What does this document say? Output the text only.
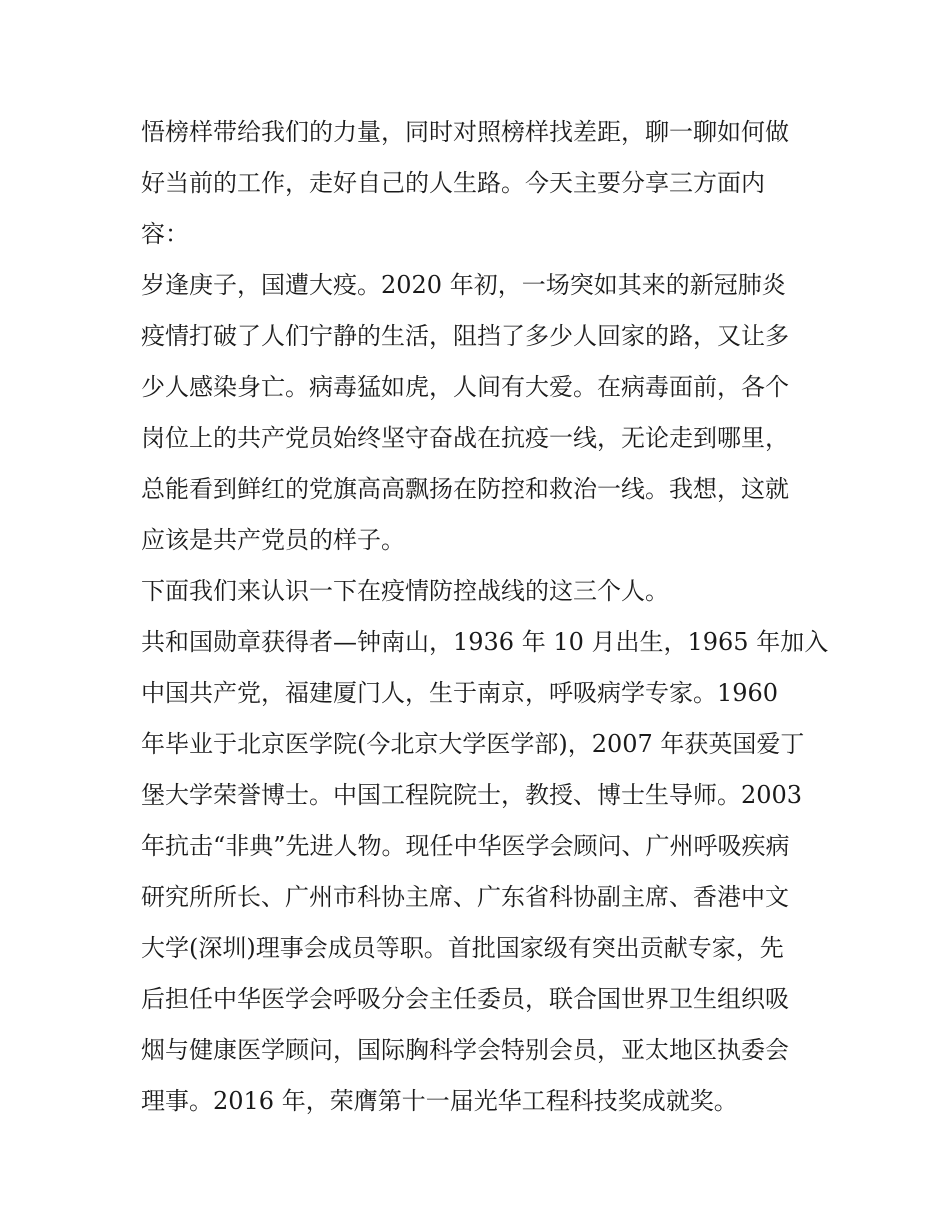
悟榜样带给我们的力量，同时对照榜样找差距，聊一聊如何做
好当前的工作，走好自己的人生路。今天主要分享三方面内
容：
岁逢庚子，国遭大疫。2020 年初，一场突如其来的新冠肺炎
疫情打破了人们宁静的生活，阻挡了多少人回家的路，又让多
少人感染身亡。病毒猛如虎，人间有大爱。在病毒面前，各个
岗位上的共产党员始终坚守奋战在抗疫一线，无论走到哪里，
总能看到鲜红的党旗高高飘扬在防控和救治一线。我想，这就
应该是共产党员的样子。
下面我们来认识一下在疫情防控战线的这三个人。
共和国勋章获得者—钟南山，1936 年 10 月出生，1965 年加入
中国共产党，福建厦门人，生于南京，呼吸病学专家。1960
年毕业于北京医学院(今北京大学医学部)，2007 年获英国爱丁
堡大学荣誉博士。中国工程院院士，教授、博士生导师。2003
年抗击“非典”先进人物。现任中华医学会顾问、广州呼吸疾病
研究所所长、广州市科协主席、广东省科协副主席、香港中文
大学(深圳)理事会成员等职。首批国家级有突出贡献专家，先
后担任中华医学会呼吸分会主任委员，联合国世界卫生组织吸
烟与健康医学顾问，国际胸科学会特别会员，亚太地区执委会
理事。2016 年，荣膺第十一届光华工程科技奖成就奖。
